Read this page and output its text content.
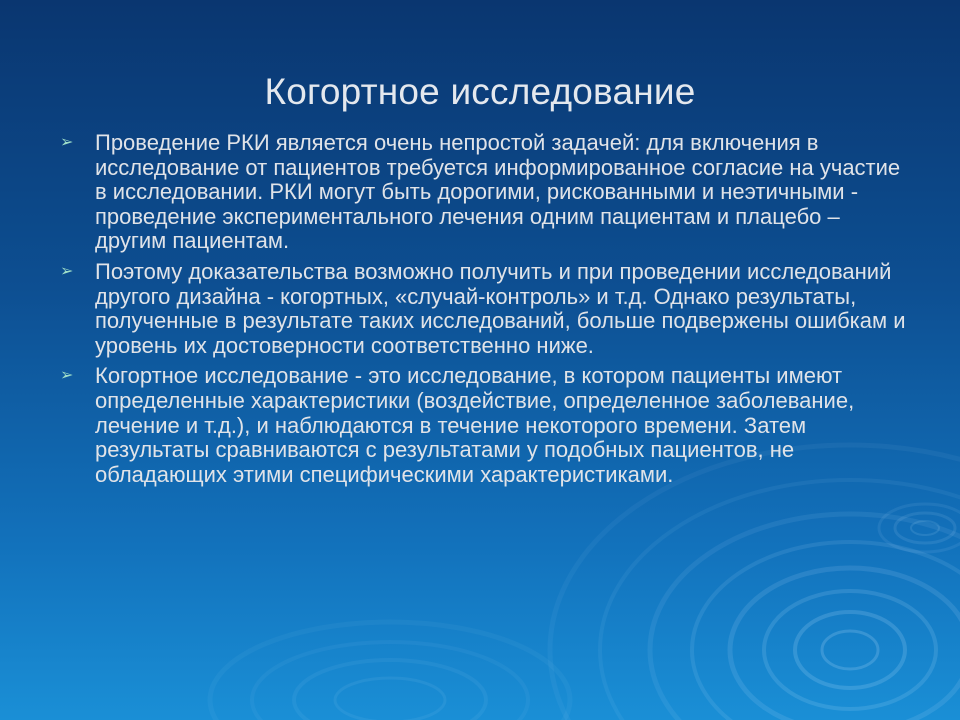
Когортное исследование
➢ Проведение РКИ является очень непростой задачей: для включения в исследование от пациентов требуется информированное согласие на участие в исследовании. РКИ могут быть дорогими, рискованными и неэтичными - проведение экспериментального лечения одним пациентам и плацебо – другим пациентам.
➢ Поэтому доказательства возможно получить и при проведении исследований другого дизайна - когортных, «случай-контроль» и т.д. Однако результаты, полученные в результате таких исследований, больше подвержены ошибкам и уровень их достоверности соответственно ниже.
➢ Когортное исследование - это исследование, в котором пациенты имеют определенные характеристики (воздействие, определенное заболевание, лечение и т.д.), и наблюдаются в течение некоторого времени. Затем результаты сравниваются с результатами у подобных пациентов, не обладающих этими специфическими характеристиками.
